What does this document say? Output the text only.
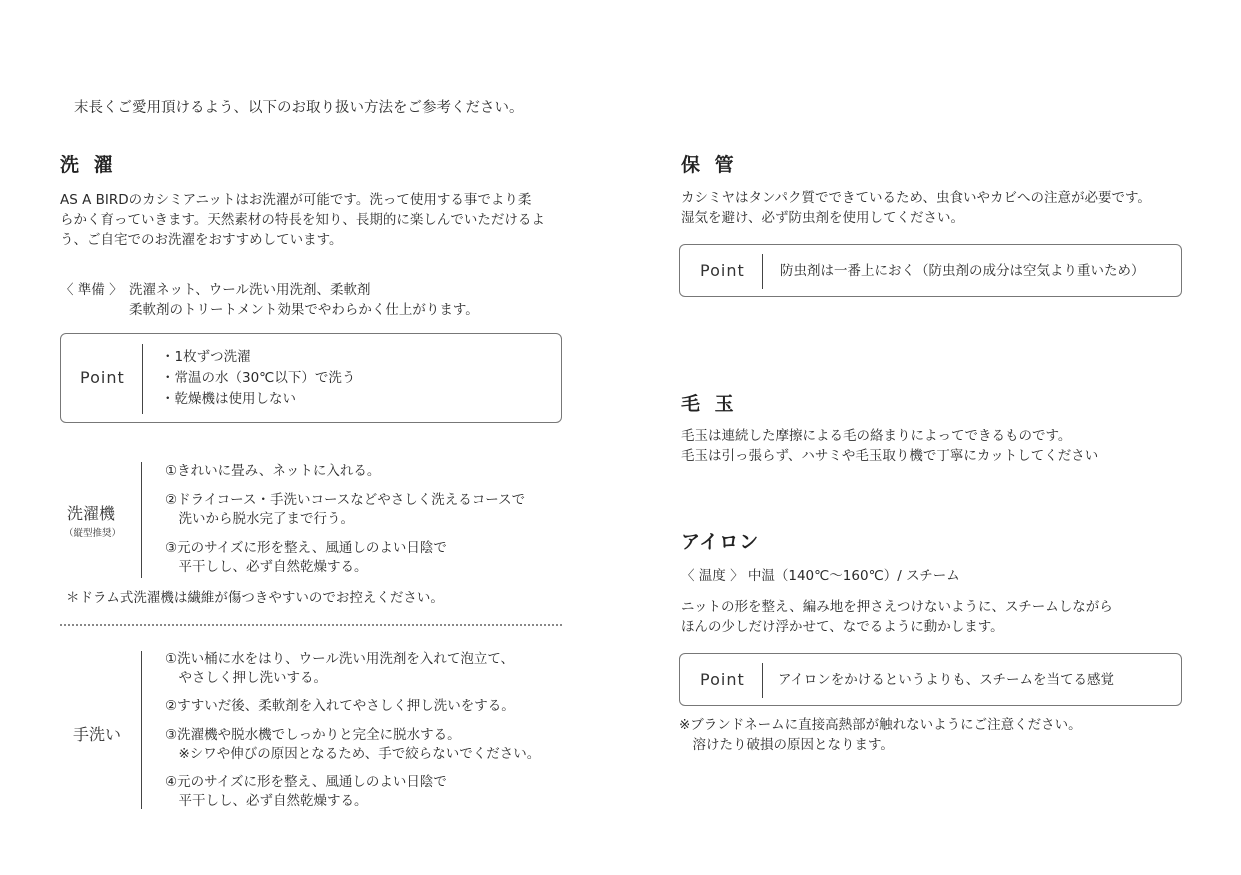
末長くご愛用頂けるよう、以下のお取り扱い方法をご参考ください。
洗 濯
AS A BIRDのカシミアニットはお洗濯が可能です。洗って使用する事でより柔
らかく育っていきます。天然素材の特長を知り、長期的に楽しんでいただけるよ
う、ご自宅でのお洗濯をおすすめしています。
〈 準備 〉 洗濯ネット、ウール洗い用洗剤、柔軟剤
柔軟剤のトリートメント効果でやわらかく仕上がります。
Point
・1枚ずつ洗濯
・常温の水（30℃以下）で洗う
・乾燥機は使用しない
洗濯機
（縦型推奨）
①きれいに畳み、ネットに入れる。
②ドライコース・手洗いコースなどやさしく洗えるコースで
　洗いから脱水完了まで行う。
③元のサイズに形を整え、風通しのよい日陰で
　平干しし、必ず自然乾燥する。
＊ドラム式洗濯機は繊維が傷つきやすいのでお控えください。
手洗い
①洗い桶に水をはり、ウール洗い用洗剤を入れて泡立て、
　やさしく押し洗いする。
②すすいだ後、柔軟剤を入れてやさしく押し洗いをする。
③洗濯機や脱水機でしっかりと完全に脱水する。
　※シワや伸びの原因となるため、手で絞らないでください。
④元のサイズに形を整え、風通しのよい日陰で
　平干しし、必ず自然乾燥する。
保 管
カシミヤはタンパク質でできているため、虫食いやカビへの注意が必要です。
湿気を避け、必ず防虫剤を使用してください。
Point	防虫剤は一番上におく（防虫剤の成分は空気より重いため）
毛 玉
毛玉は連続した摩擦による毛の絡まりによってできるものです。
毛玉は引っ張らず、ハサミや毛玉取り機で丁寧にカットしてください
アイロン
〈 温度 〉 中温（140℃〜160℃）/ スチーム
ニットの形を整え、編み地を押さえつけないように、スチームしながら
ほんの少しだけ浮かせて、なでるように動かします。
Point アイロンをかけるというよりも、スチームを当てる感覚
※ブランドネームに直接高熱部が触れないようにご注意ください。
　溶けたり破損の原因となります。
